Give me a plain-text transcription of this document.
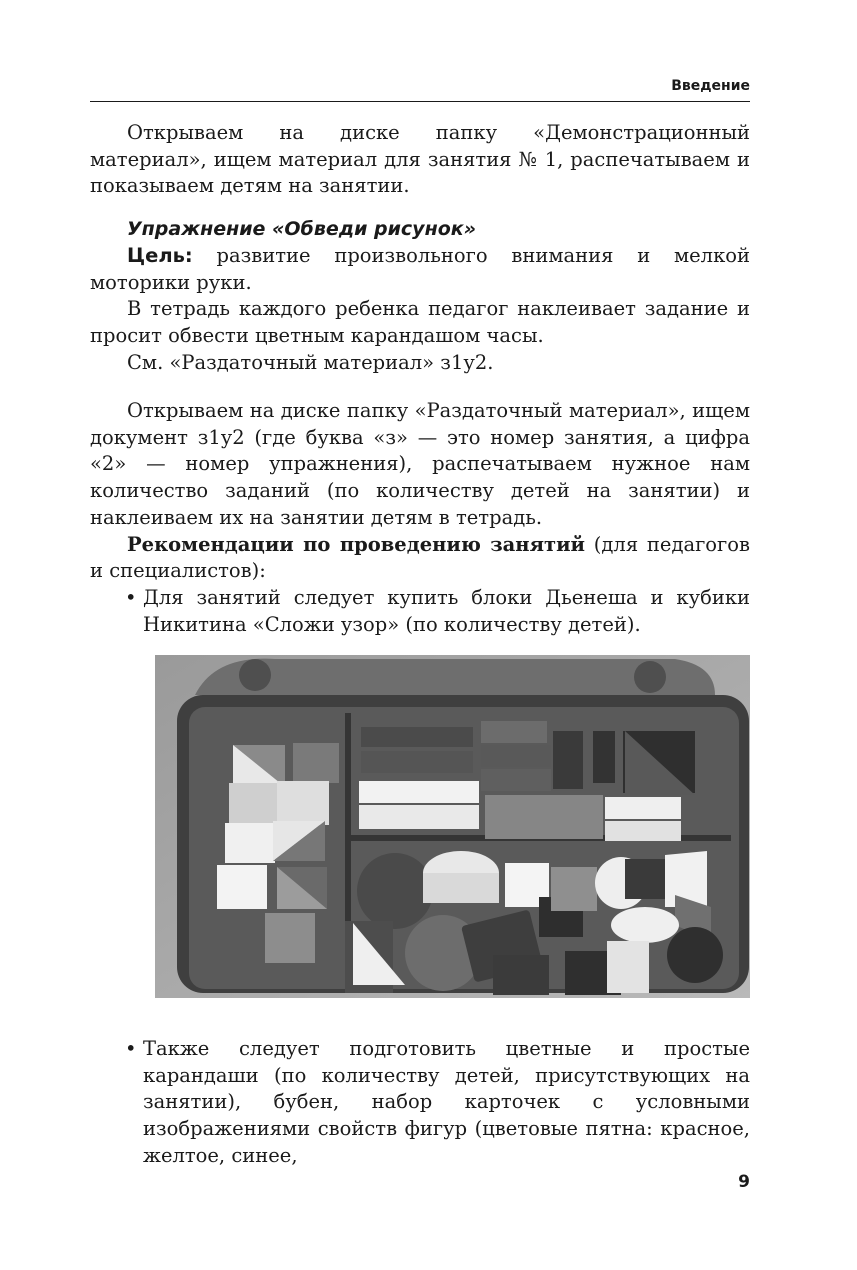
Введение

Открываем на диске папку «Демонстрационный материал», ищем материал для занятия № 1, распечатываем и показываем детям на занятии.

Упражнение «Обведи рисунок»

Цель: развитие произвольного внимания и мелкой моторики руки.

В тетрадь каждого ребенка педагог наклеивает задание и просит обвести цветным карандашом часы.

См. «Раздаточный материал» з1у2.

Открываем на диске папку «Раздаточный материал», ищем документ з1у2 (где буква «з» — это номер занятия, а цифра «2» — номер упражнения), распечатываем нужное нам количество заданий (по количеству детей на занятии) и наклеиваем их на занятии детям в тетрадь.

Рекомендации по проведению занятий (для педагогов и специалистов):

• Для занятий следует купить блоки Дьенеша и кубики Никитина «Сложи узор» (по количеству детей).

• Также следует подготовить цветные и простые карандаши (по количеству детей, присутствующих на занятии), бубен, набор карточек с условными изображениями свойств фигур (цветовые пятна: красное, желтое, синее,

9
